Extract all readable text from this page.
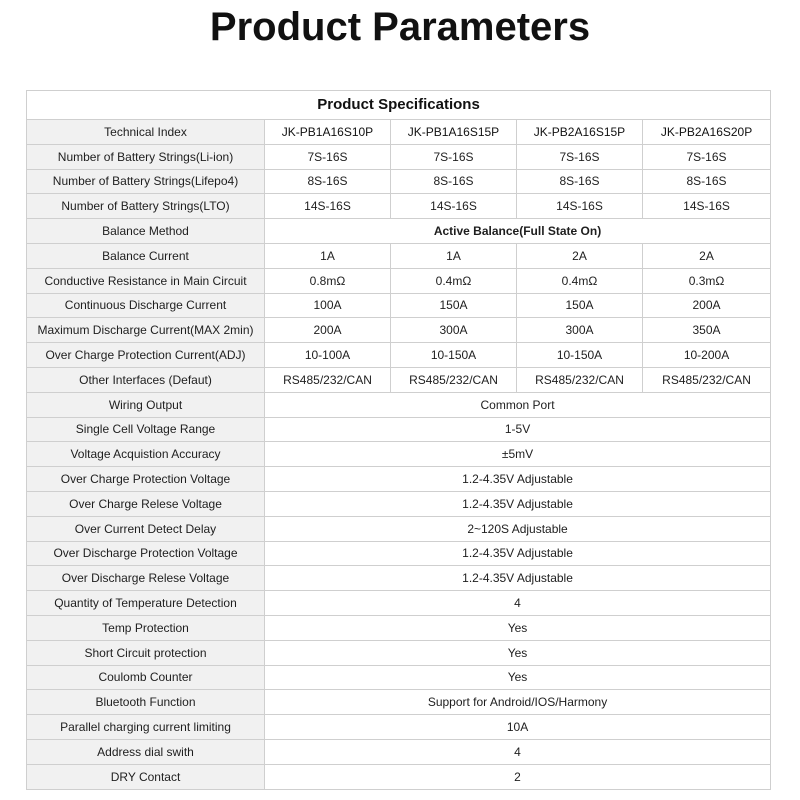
Product Parameters
Product Specifications				
Technical Index	JK-PB1A16S10P	JK-PB1A16S15P	JK-PB2A16S15P	JK-PB2A16S20P
Number of Battery Strings(Li-ion)	7S-16S	7S-16S	7S-16S	7S-16S
Number of Battery Strings(Lifepo4)	8S-16S	8S-16S	8S-16S	8S-16S
Number of Battery Strings(LTO)	14S-16S	14S-16S	14S-16S	14S-16S
Balance Method	Active Balance(Full State On)			
Balance Current	1A	1A	2A	2A
Conductive Resistance in Main Circuit	0.8mΩ	0.4mΩ	0.4mΩ	0.3mΩ
Continuous Discharge Current	100A	150A	150A	200A
Maximum Discharge Current(MAX 2min)	200A	300A	300A	350A
Over Charge Protection Current(ADJ)	10-100A	10-150A	10-150A	10-200A
Other Interfaces (Defaut)	RS485/232/CAN	RS485/232/CAN	RS485/232/CAN	RS485/232/CAN
Wiring Output	Common Port			
Single Cell Voltage Range	1-5V			
Voltage Acquistion Accuracy	±5mV			
Over Charge Protection Voltage	1.2-4.35V Adjustable			
Over Charge Relese Voltage	1.2-4.35V Adjustable			
Over Current Detect Delay	2~120S Adjustable			
Over Discharge Protection Voltage	1.2-4.35V Adjustable			
Over Discharge Relese Voltage	1.2-4.35V Adjustable			
Quantity of Temperature Detection	4			
Temp Protection	Yes			
Short Circuit protection	Yes			
Coulomb Counter	Yes			
Bluetooth Function	Support for Android/IOS/Harmony			
Parallel charging current limiting	10A			
Address dial swith	4			
DRY Contact	2			
